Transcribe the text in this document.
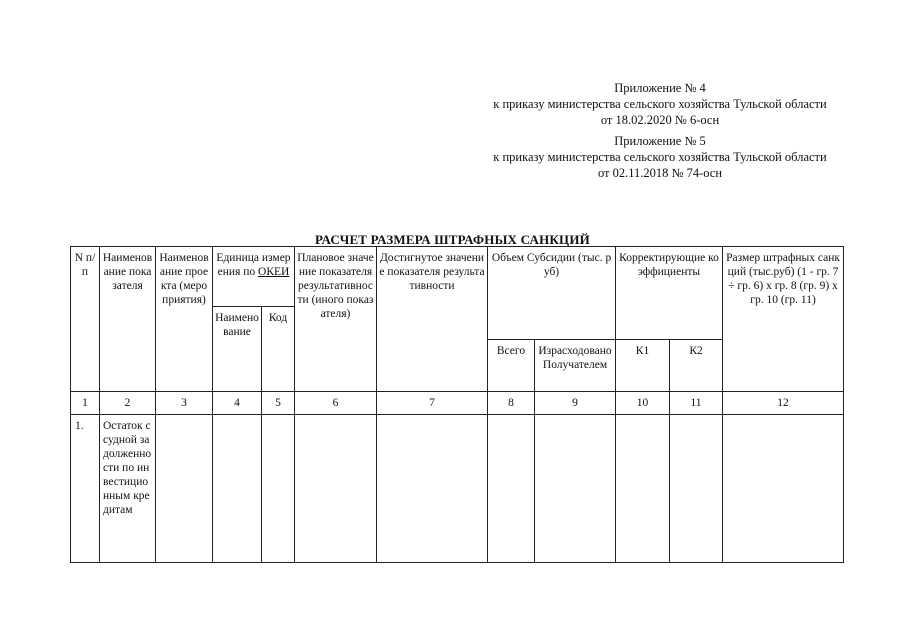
Приложение № 4
к приказу министерства сельского хозяйства Тульской области
от 18.02.2020 № 6-осн
Приложение № 5
к приказу министерства сельского хозяйства Тульской области
от 02.11.2018 № 74-осн
РАСЧЕТ РАЗМЕРА ШТРАФНЫХ САНКЦИЙ
N п/п	Наименование показателя	Наименование проекта (мероприятия)	Единица измерения по ОКЕИ		Плановое значение показателя результативности (иного показателя)	Достигнутое значение показателя результативности	Объем Субсидии (тыс. руб)		Корректирующие коэффициенты		Размер штрафных санкций (тыс.руб) (1 - гр. 7 ÷ гр. 6) x гр. 8 (гр. 9) x гр. 10 (гр. 11)
			Наименование	Код							
							Всего	Израсходовано Получателем	К1	К2	
1	2	3	4	5	6	7	8	9	10	11	12
1.	Остаток ссудной задолженности по инвестиционным кредитам										
